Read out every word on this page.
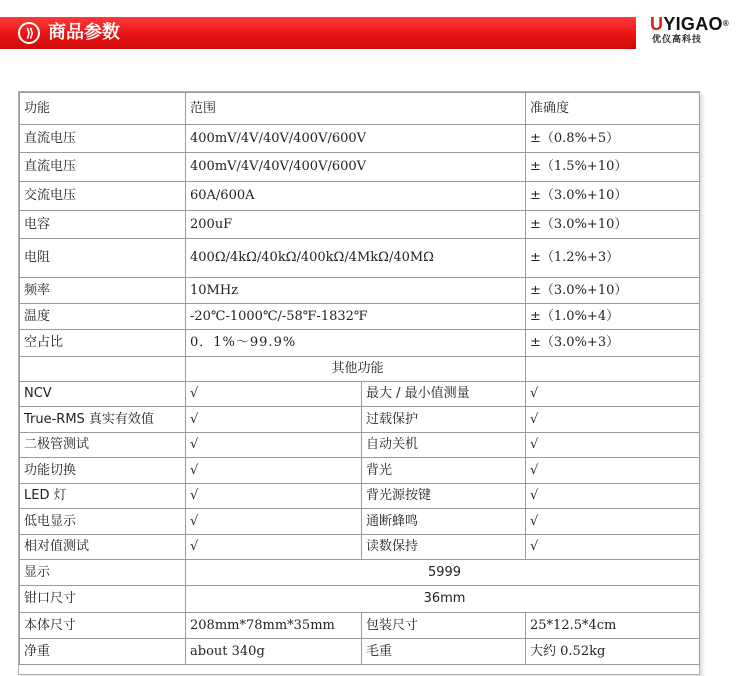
⟫ 商品参数	UYIGAO®
优仪高科技
功能	范围		准确度
直流电压	400mV/4V/40V/400V/600V		±（0.8%+5）
直流电压	400mV/4V/40V/400V/600V		±（1.5%+10）
交流电压	60A/600A		±（3.0%+10）
电容	200uF		±（3.0%+10）
电阻	400Ω/4kΩ/40kΩ/400kΩ/4MkΩ/40MΩ		±（1.2%+3）
频率	10MHz		±（3.0%+10）
温度	-20℃-1000℃/-58℉-1832℉		±（1.0%+4）
空占比	0．1%～99.9%		±（3.0%+3）
	其他功能		
NCV	√	最大 / 最小值测量	√
True-RMS 真实有效值	√	过载保护	√
二极管测试	√	自动关机	√
功能切换	√	背光	√
LED 灯	√	背光源按键	√
低电显示	√	通断蜂鸣	√
相对值测试	√	读数保持	√
显示	5999		
钳口尺寸	36mm		
本体尺寸	208mm*78mm*35mm	包装尺寸	25*12.5*4cm
净重	about 340g	毛重	大约 0.52kg
